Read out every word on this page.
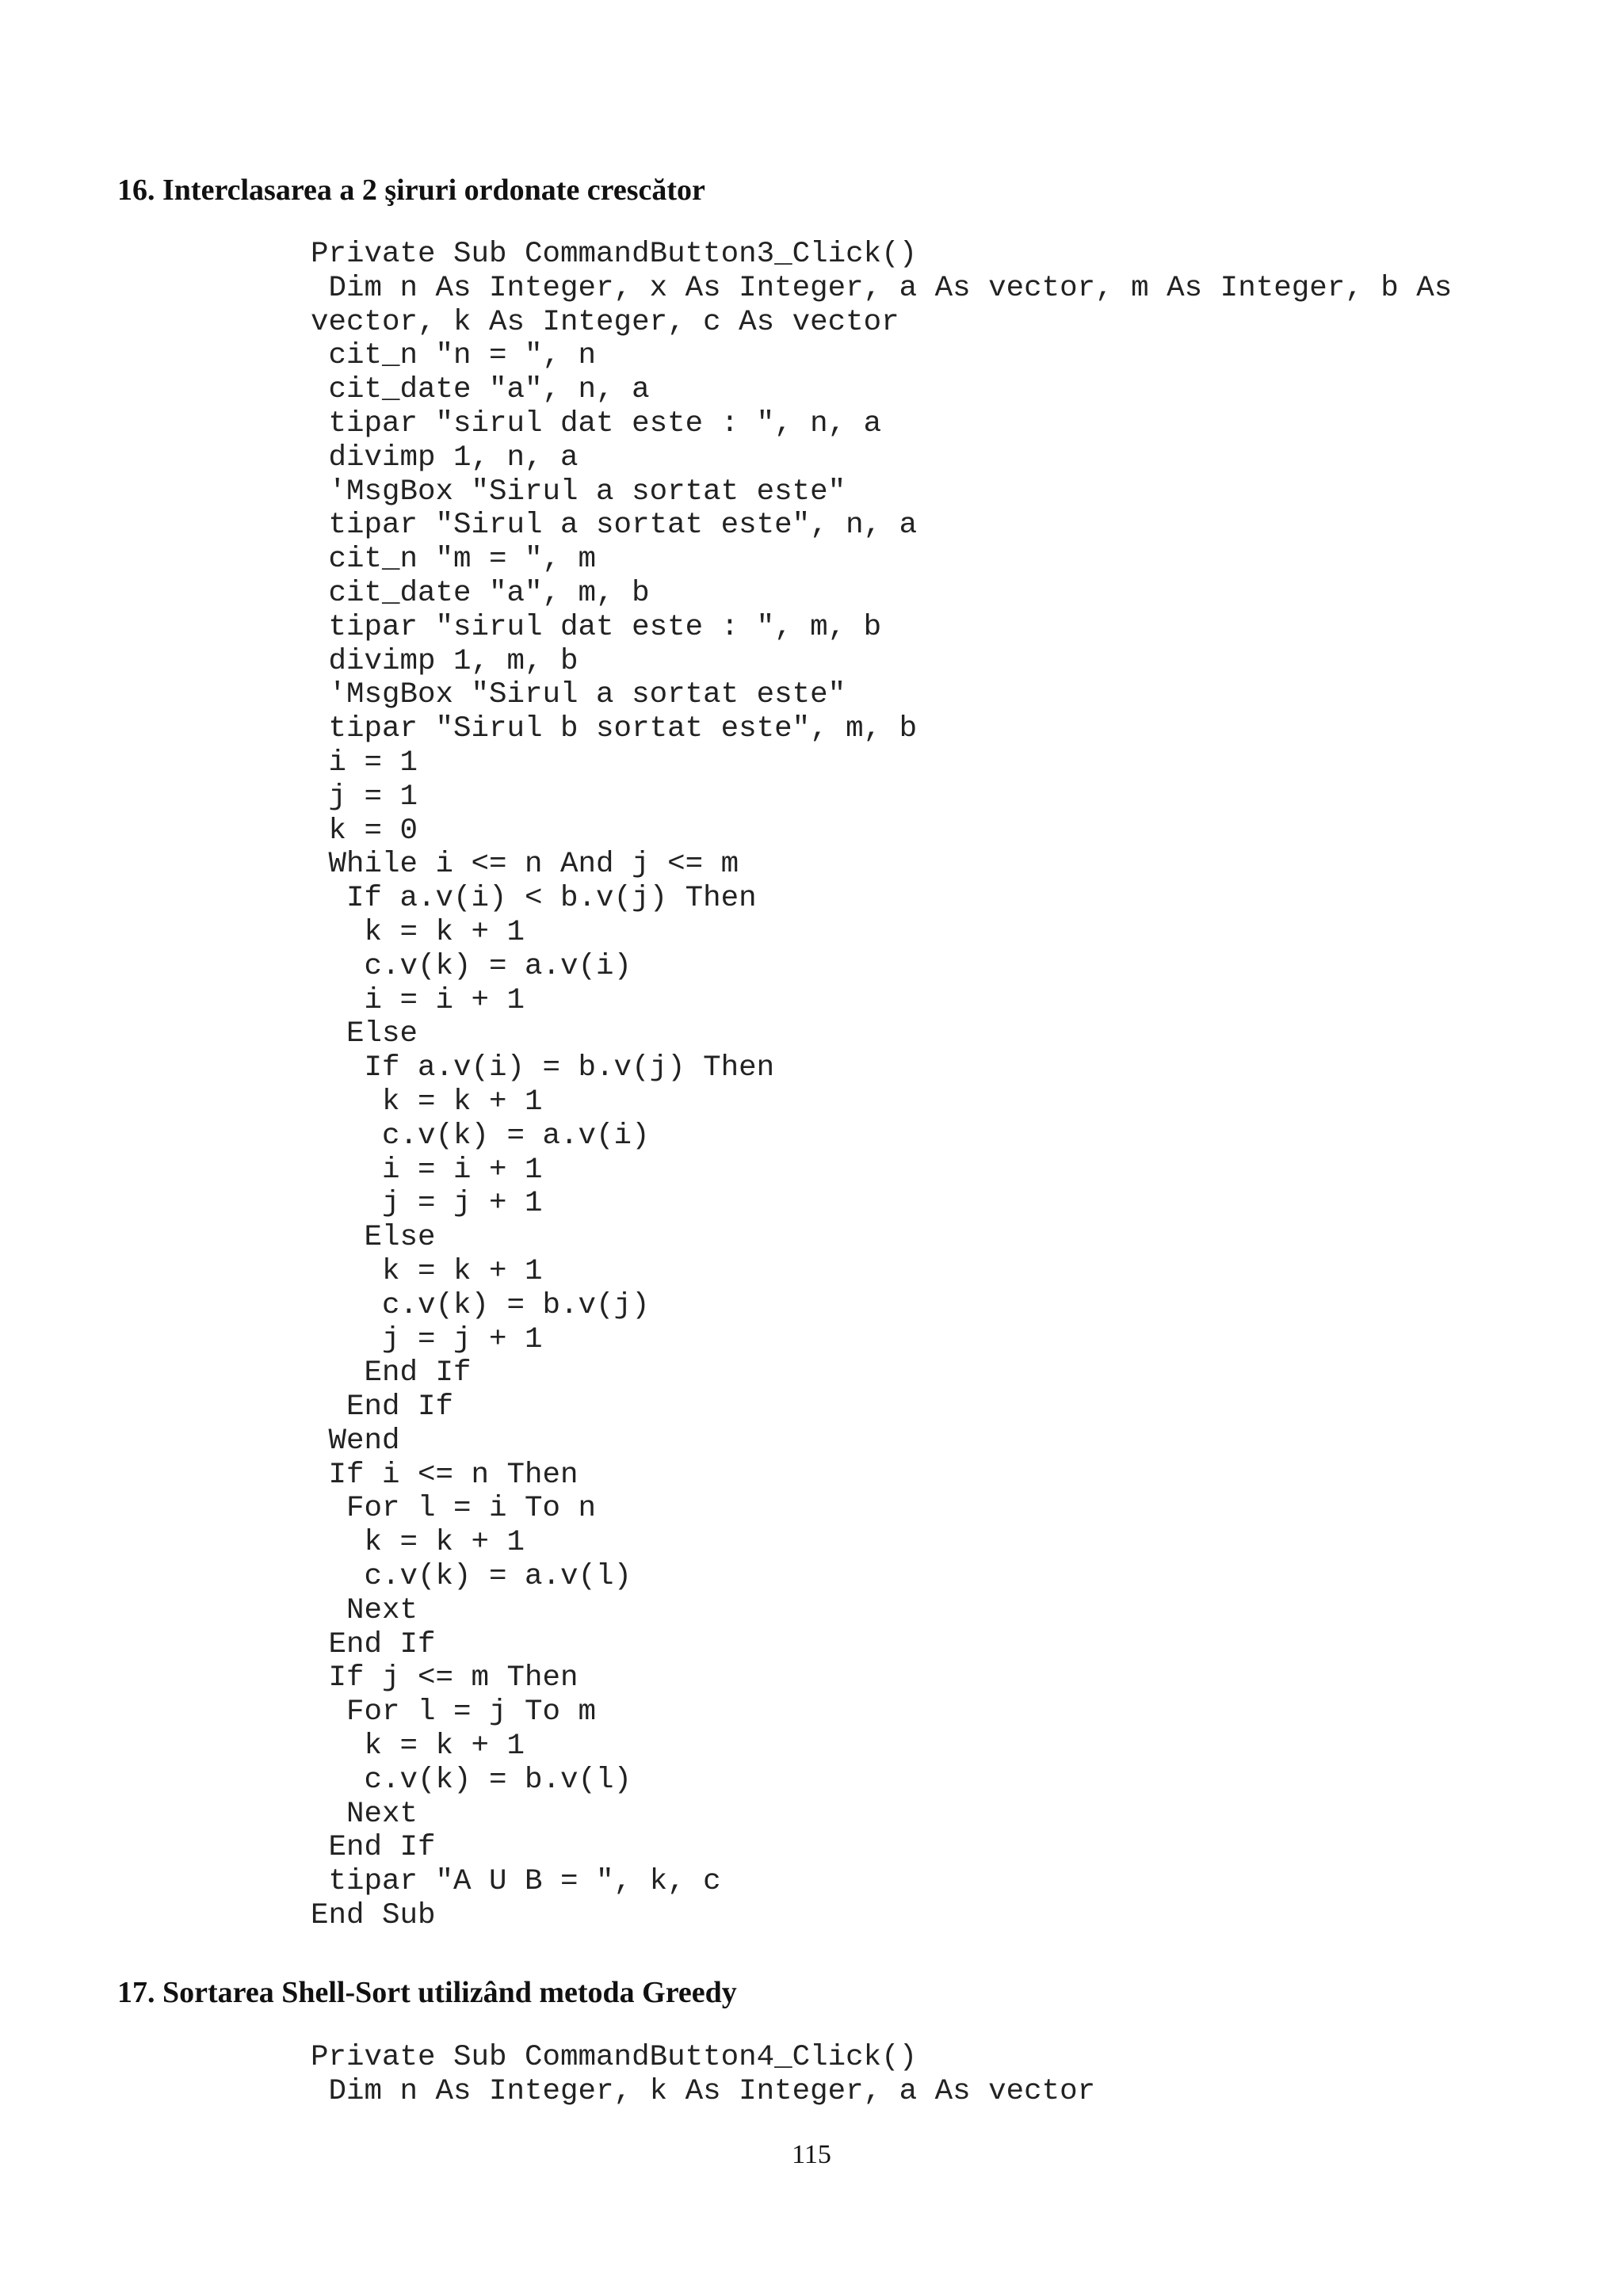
16. Interclasarea a 2 şiruri ordonate crescător
Private Sub CommandButton3_Click()
Dim n As Integer, x As Integer, a As vector, m As Integer, b As
vector, k As Integer, c As vector
cit_n "n = ", n
cit_date "a", n, a
tipar "sirul dat este : ", n, a
divimp 1, n, a
'MsgBox "Sirul a sortat este"
tipar "Sirul a sortat este", n, a
cit_n "m = ", m
cit_date "a", m, b
tipar "sirul dat este : ", m, b
divimp 1, m, b
'MsgBox "Sirul a sortat este"
tipar "Sirul b sortat este", m, b
i = 1
j = 1
k = 0
While i <= n And j <= m
If a.v(i) < b.v(j) Then
k = k + 1
c.v(k) = a.v(i)
i = i + 1
Else
If a.v(i) = b.v(j) Then
k = k + 1
c.v(k) = a.v(i)
i = i + 1
j = j + 1
Else
k = k + 1
c.v(k) = b.v(j)
j = j + 1
End If
End If
Wend
If i <= n Then
For l = i To n
k = k + 1
c.v(k) = a.v(l)
Next
End If
If j <= m Then
For l = j To m
k = k + 1
c.v(k) = b.v(l)
Next
End If
tipar "A U B = ", k, c
End Sub
17. Sortarea Shell-Sort utilizând metoda Greedy
Private Sub CommandButton4_Click()
Dim n As Integer, k As Integer, a As vector
115
